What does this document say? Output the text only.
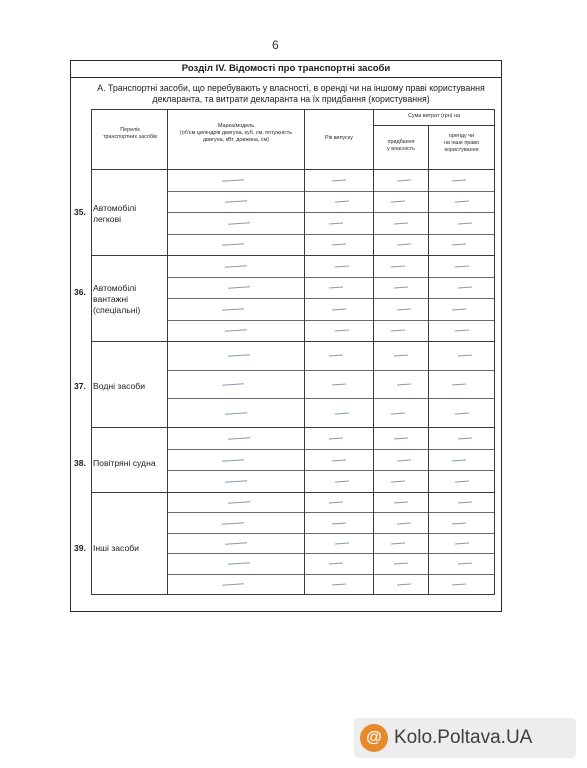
6
Розділ IV. Відомості про транспортні засоби
А. Транспортні засоби, що перебувають у власності, в оренді чи на іншому праві користування
декларанта, та витрати декларанта на їх придбання (користування)
Перелік
транспортних засобів
Марка/модель
(об'єм циліндрів двигуна, куб. см, потужність
двигуна, кВт, довжина, см)	Рік випуску
Сума витрат (грн) на
придбання
у власність
оренду чи
на інше право
користування
35. Автомобілі
легкові
36. Автомобілі
вантажні
(спеціальні)
37. Водні засоби
38. Повітряні судна
39. Інші засоби
@ Kolo.Poltava.UA
